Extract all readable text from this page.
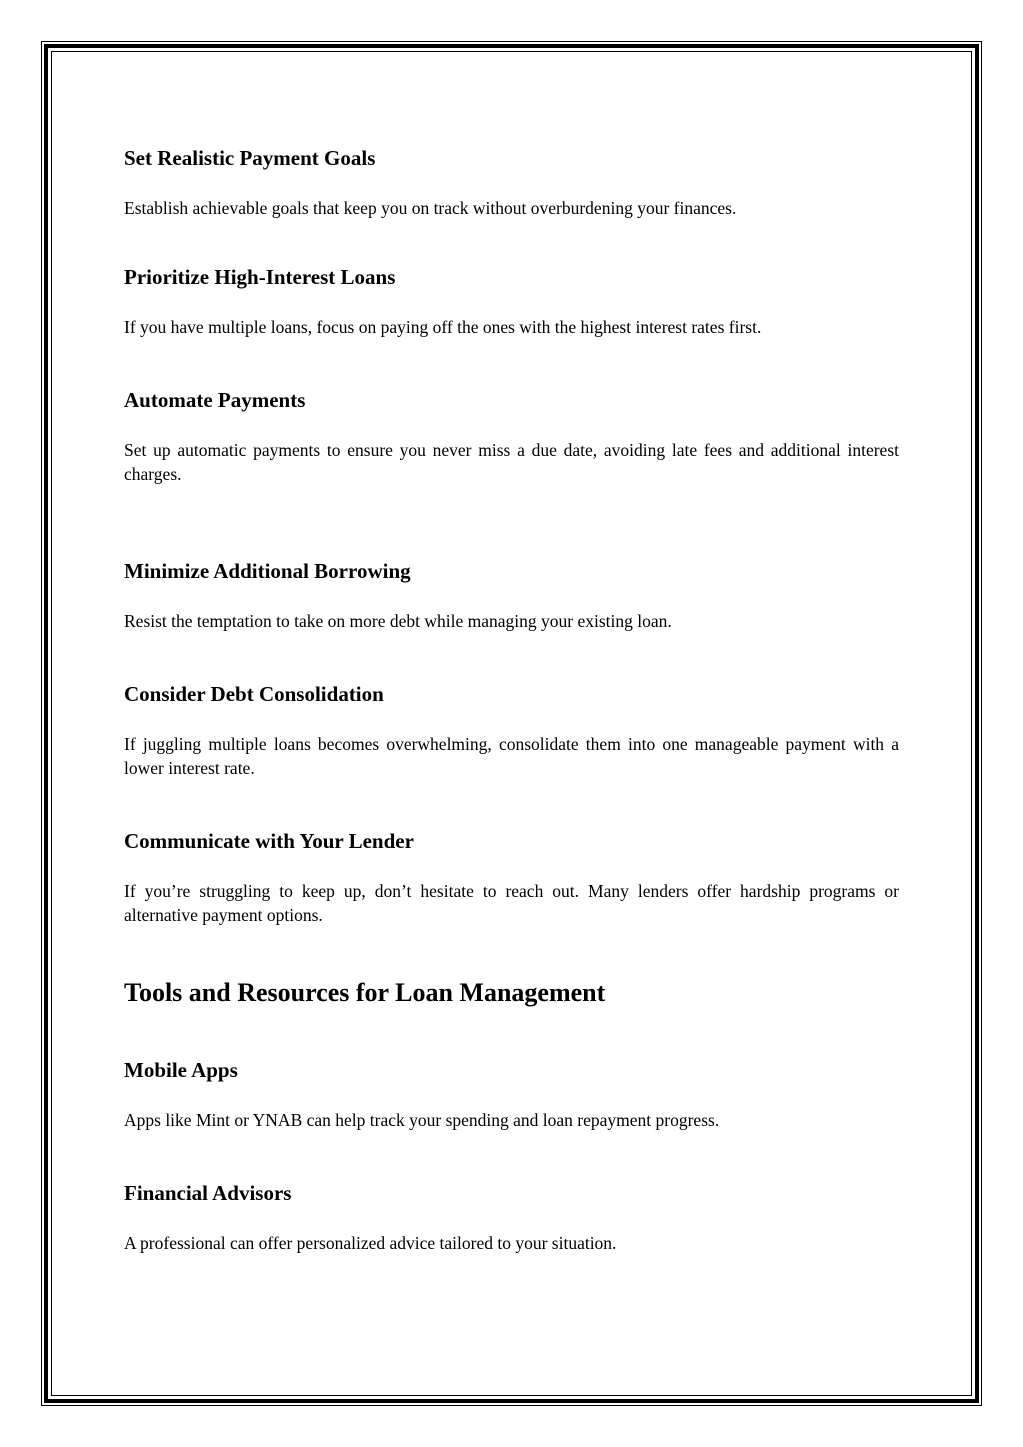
Set Realistic Payment Goals

Establish achievable goals that keep you on track without overburdening your finances.

Prioritize High-Interest Loans

If you have multiple loans, focus on paying off the ones with the highest interest rates first.

Automate Payments

Set up automatic payments to ensure you never miss a due date, avoiding late fees and additional interest charges.

Minimize Additional Borrowing

Resist the temptation to take on more debt while managing your existing loan.

Consider Debt Consolidation

If juggling multiple loans becomes overwhelming, consolidate them into one manageable payment with a lower interest rate.

Communicate with Your Lender

If you’re struggling to keep up, don’t hesitate to reach out. Many lenders offer hardship programs or alternative payment options.

Tools and Resources for Loan Management
Mobile Apps

Apps like Mint or YNAB can help track your spending and loan repayment progress.

Financial Advisors

A professional can offer personalized advice tailored to your situation.
